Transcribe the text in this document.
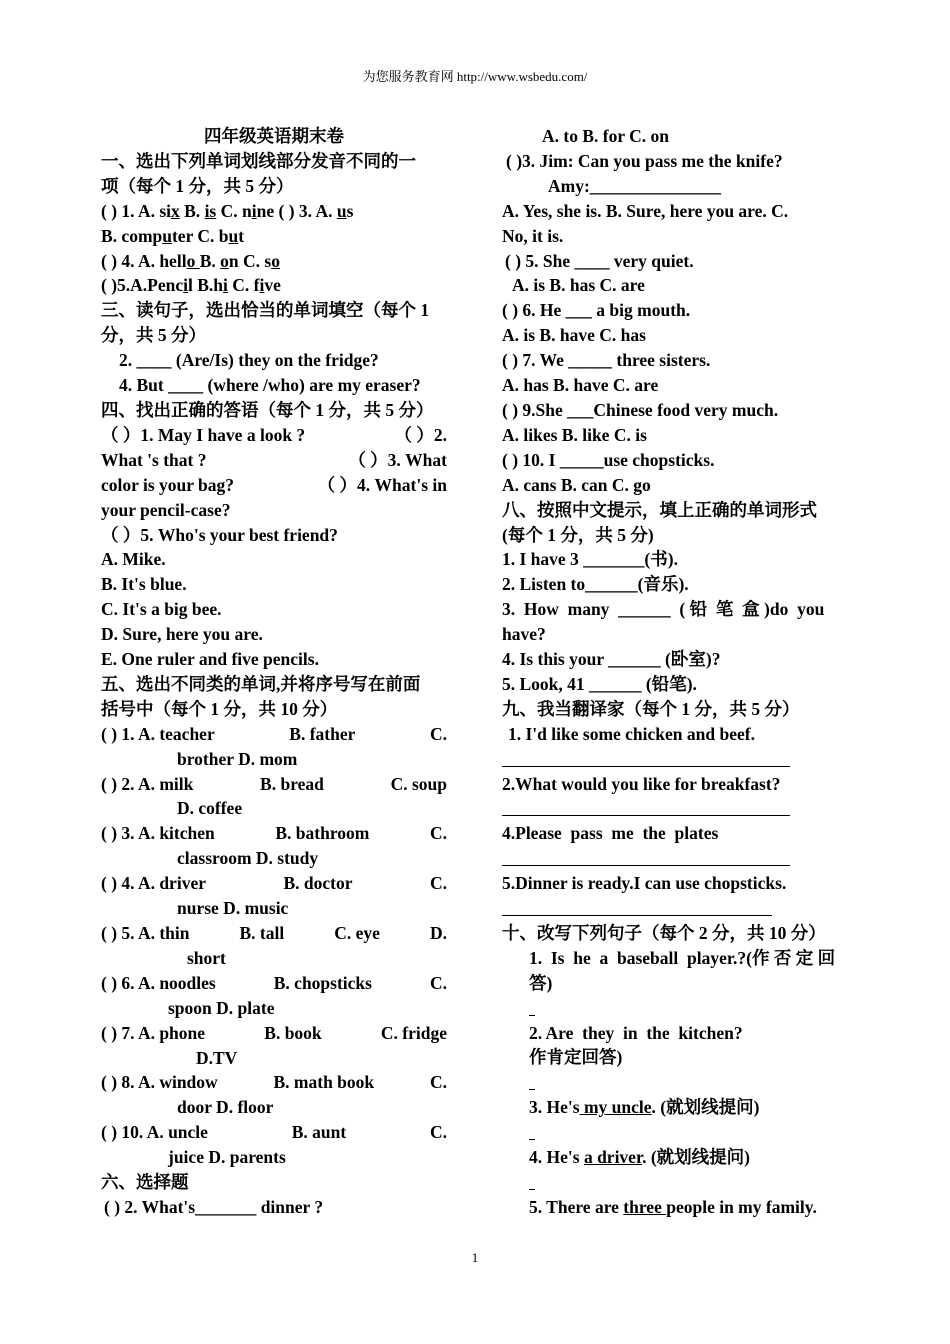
为您服务教育网 http://www.wsbedu.com/
四年级英语期末卷
一、选出下列单词划线部分发音不同的一
项（每个 1 分，共 5 分）
( ) 1. A. six B. is C. nine ( ) 3. A. us
B. computer C. but
( ) 4. A. hello B. on C. so
( )5.A.Pencil B.hi C. five
三、读句子，选出恰当的单词填空（每个 1
分，共 5 分）
2. ____ (Are/Is) they on the fridge?
4. But ____ (where /who) are my eraser?
四、找出正确的答语（每个 1 分，共 5 分）
（ ）1. May I have a look ?	（ ）2.
What 's that ?	（ ）3. What
color is your bag?	（ ）4. What's in
your pencil-case?
（ ）5. Who's your best friend?
A. Mike.
B. It's blue.
C. It's a big bee.
D. Sure, here you are.
E. One ruler and five pencils.
五、选出不同类的单词,并将序号写在前面
括号中（每个 1 分，共 10 分）
( ) 1. A. teacher	B. father	C.
brother D. mom
( ) 2. A. milk	B. bread	C. soup
D. coffee
( ) 3. A. kitchen	B. bathroom	C.
classroom D. study
( ) 4. A. driver	B. doctor	C.
nurse D. music
( ) 5. A. thin	B. tall	C. eye	D.
short
( ) 6. A. noodles	B. chopsticks	C.
spoon D. plate
( ) 7. A. phone	B. book	C. fridge
D.TV
( ) 8. A. window	B. math book	C.
door D. floor
( ) 10. A. uncle	B. aunt	C.
juice D. parents
六、选择题
( ) 2. What's_______ dinner ?
A. to B. for C. on
( )3. Jim: Can you pass me the knife?
Amy:_______________
A. Yes, she is. B. Sure, here you are. C.
No, it is.
( ) 5. She ____ very quiet.
A. is B. has C. are
( ) 6. He ___ a big mouth.
A. is B. have C. has
( ) 7. We _____ three sisters.
A. has B. have C. are
( ) 9.She ___Chinese food very much.
A. likes B. like C. is
( ) 10. I _____use chopsticks.
A. cans B. can C. go
八、按照中文提示，填上正确的单词形式
(每个 1 分，共 5 分)
1. I have 3 _______(书).
2. Listen to______(音乐).
3.  How  many  ______  ( 铅  笔  盒 )do  you
have?
4. Is this your ______ (卧室)?
5. Look, 41 ______ (铅笔).
九、我当翻译家（每个 1 分，共 5 分）
1. I'd like some chicken and beef.
2.What would you like for breakfast?
4.Please  pass  me  the  plates
5.Dinner is ready.I can use chopsticks.
十、改写下列句子（每个 2 分，共 10 分）
1.  Is  he  a  baseball  player.?(作 否 定 回
答)
2. Are  they  in  the  kitchen?
作肯定回答)
3. He's my uncle. (就划线提问)
4. He's a driver. (就划线提问)
5. There are three people in my family.
1
